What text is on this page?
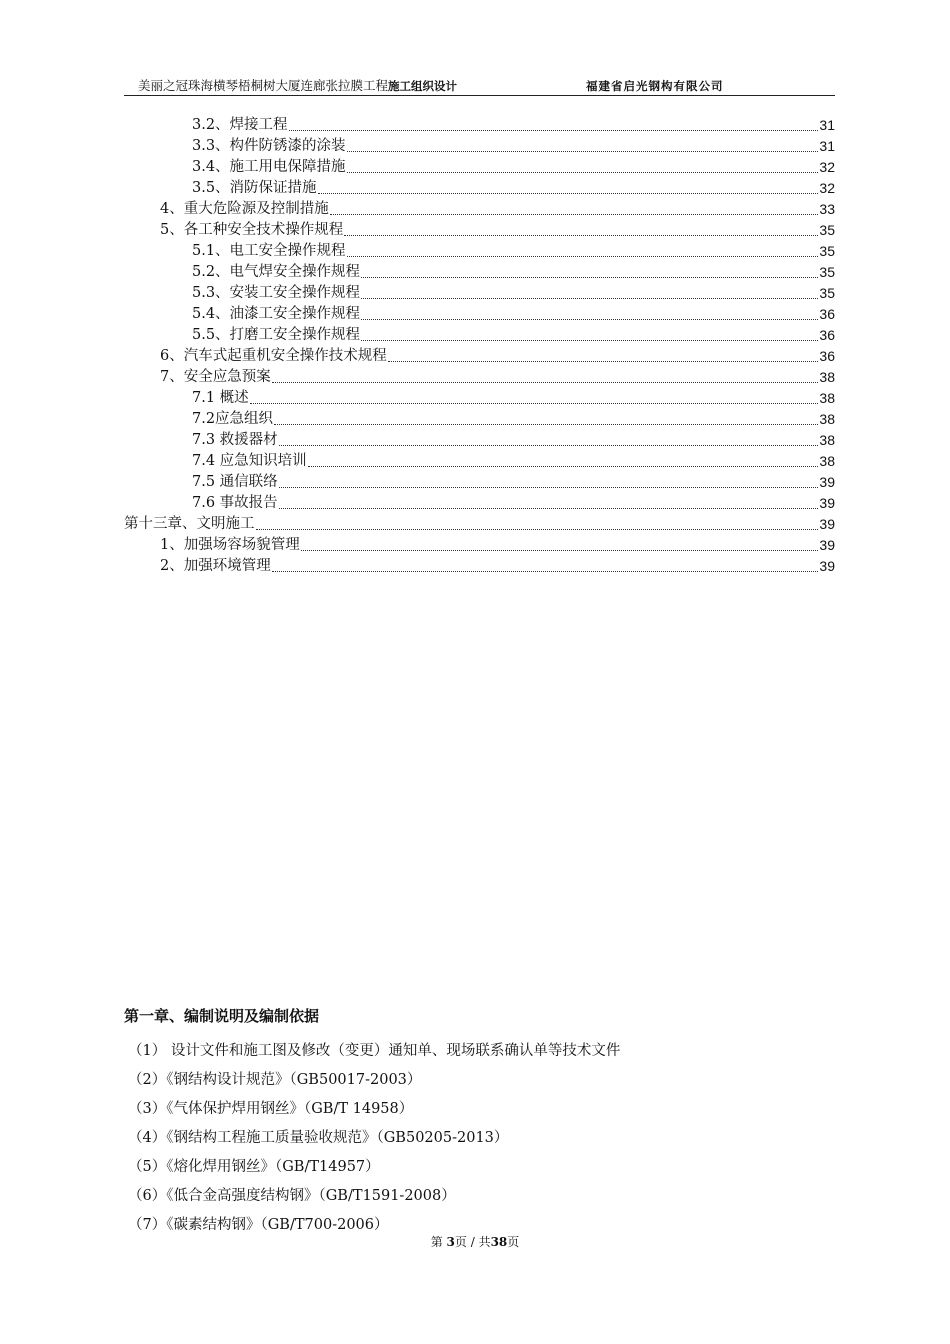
美丽之冠珠海横琴梧桐树大厦连廊张拉膜工程施工组织设计	福建省启光钢构有限公司
3.2、焊接工程	31
3.3、构件防锈漆的涂装	31
3.4、施工用电保障措施	32
3.5、消防保证措施	32
4、重大危险源及控制措施	33
5、各工种安全技术操作规程	35
5.1、电工安全操作规程	35
5.2、电气焊安全操作规程	35
5.3、安装工安全操作规程	35
5.4、油漆工安全操作规程	36
5.5、打磨工安全操作规程	36
6、汽车式起重机安全操作技术规程	36
7、安全应急预案	38
7.1 概述	38
7.2应急组织	38
7.3 救援器材	38
7.4 应急知识培训	38
7.5 通信联络	39
7.6 事故报告	39
第十三章、文明施工	39
1、加强场容场貌管理	39
2、加强环境管理	39
第一章、编制说明及编制依据
（1） 设计文件和施工图及修改（变更）通知单、现场联系确认单等技术文件
（2）《钢结构设计规范》（GB50017-2003）
（3）《气体保护焊用钢丝》（GB/T 14958）
（4）《钢结构工程施工质量验收规范》（GB50205-2013）
（5）《熔化焊用钢丝》（GB/T14957）
（6）《低合金高强度结构钢》（GB/T1591-2008）
（7）《碳素结构钢》（GB/T700-2006）
第 3页 / 共38页
